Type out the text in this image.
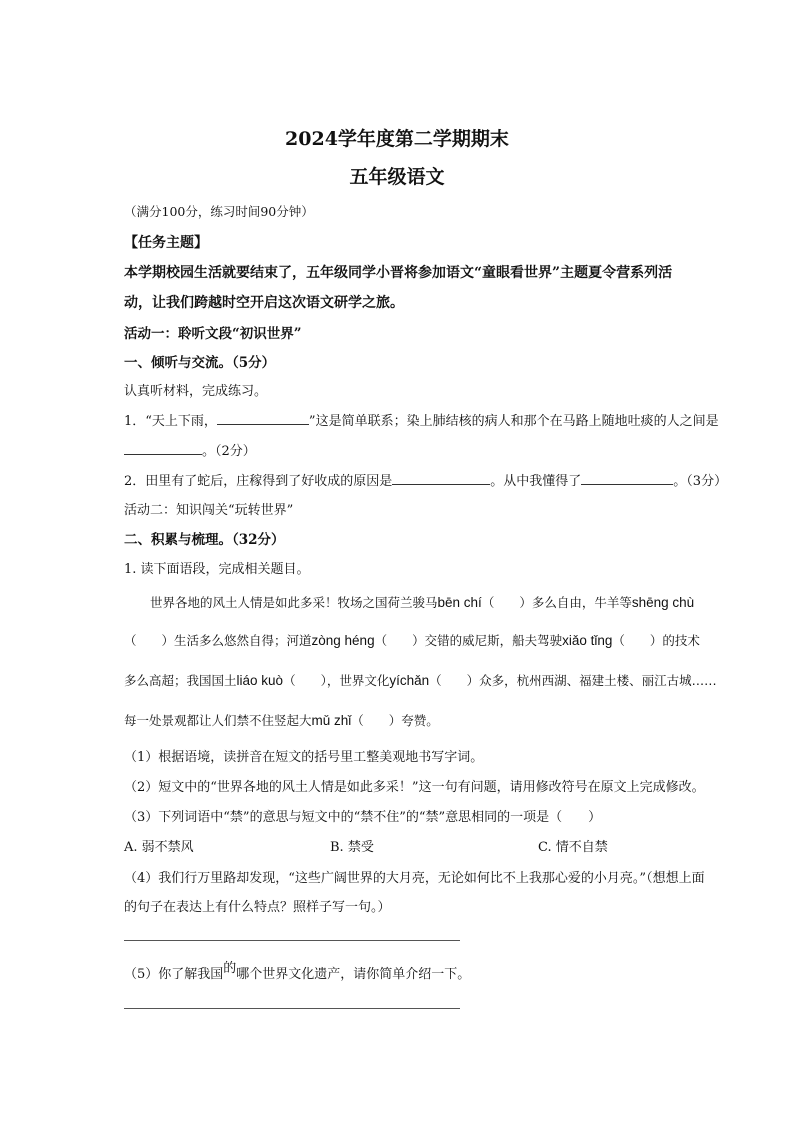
2024学年度第二学期期末
五年级语文
（满分100分，练习时间90分钟）
【任务主题】
本学期校园生活就要结束了，五年级同学小晋将参加语文“童眼看世界”主题夏令营系列活
动，让我们跨越时空开启这次语文研学之旅。
活动一：聆听文段“初识世界”
一、倾听与交流。（5分）
认真听材料，完成练习。
1．“天上下雨，	”这是简单联系；染上肺结核的病人和那个在马路上随地吐痰的人之间是
。（2分）
2．田里有了蛇后，庄稼得到了好收成的原因是	。从中我懂得了	。（3分）
活动二：知识闯关“玩转世界”
二、积累与梳理。（32分）
1. 读下面语段，完成相关题目。
世界各地的风土人情是如此多采！牧场之国荷兰骏马bēn chí（　　）多么自由，牛羊等shēng chù
（　　）生活多么悠然自得；河道zòng héng（　　）交错的威尼斯，船夫驾驶xiǎo tǐng（　　）的技术
多么高超；我国国土liáo kuò（　　），世界文化yíchǎn（　　）众多，杭州西湖、福建土楼、丽江古城……
每一处景观都让人们禁不住竖起大mǔ zhǐ（　　）夸赞。
（1）根据语境，读拼音在短文的括号里工整美观地书写字词。
（2）短文中的“世界各地的风土人情是如此多采！”这一句有问题，请用修改符号在原文上完成修改。
（3）下列词语中“禁”的意思与短文中的“禁不住”的“禁”意思相同的一项是（　　）
A. 弱不禁风	B. 禁受	C. 情不自禁
（4）我们行万里路却发现，“这些广阔世界的大月亮，无论如何比不上我那心爱的小月亮。”（想想上面
的句子在表达上有什么特点？照样子写一句。）
（5）你了解我国的哪个世界文化遗产，请你简单介绍一下。
